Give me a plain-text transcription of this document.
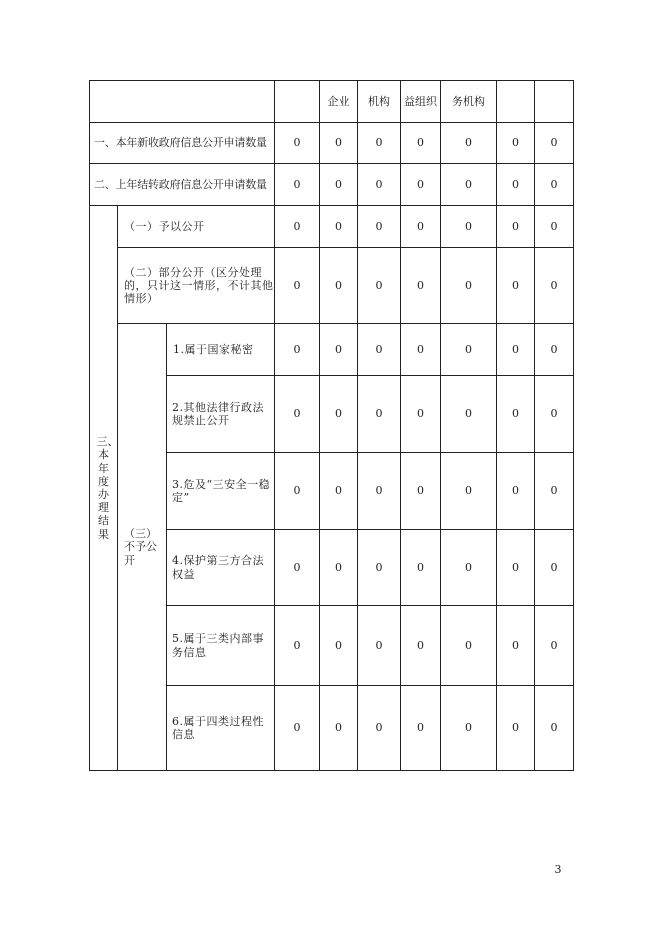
				企业	机构	益组织	务机构		
一、本年新收政府信息公开申请数量			0	0	0	0	0	0	0
二、上年结转政府信息公开申请数量			0	0	0	0	0	0	0
三、本年度办理结果	（一）予以公开		0	0	0	0	0	0	0
	（二）部分公开（区分处理的，只计这一情形，不计其他情形）		0	0	0	0	0	0	0
	（三）不予公开	1.属于国家秘密	0	0	0	0	0	0	0
		2.其他法律行政法规禁止公开	0	0	0	0	0	0	0
		3.危及“三安全一稳定”	0	0	0	0	0	0	0
		4.保护第三方合法权益	0	0	0	0	0	0	0
		5.属于三类内部事务信息	0	0	0	0	0	0	0
		6.属于四类过程性信息	0	0	0	0	0	0	0
3
